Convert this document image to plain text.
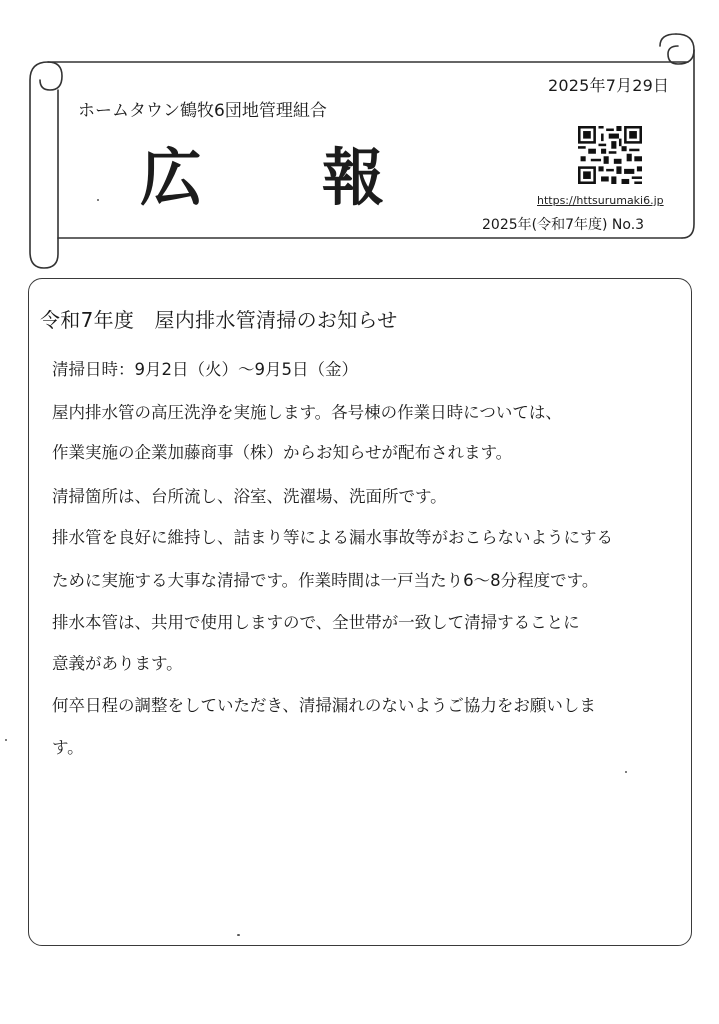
2025年7月29日
ホームタウン鶴牧6団地管理組合
広 報	https://httsurumaki6.jp
2025年(令和7年度) No.3
令和7年度　屋内排水管清掃のお知らせ
清掃日時：9月2日（火）～9月5日（金）
屋内排水管の高圧洗浄を実施します。各号棟の作業日時については、
作業実施の企業加藤商事（株）からお知らせが配布されます。
清掃箇所は、台所流し、浴室、洗濯場、洗面所です。
排水管を良好に維持し、詰まり等による漏水事故等がおこらないようにする
ために実施する大事な清掃です。作業時間は一戸当たり6～8分程度です。
排水本管は、共用で使用しますので、全世帯が一致して清掃することに
意義があります。
何卒日程の調整をしていただき、清掃漏れのないようご協力をお願いしま
す。
